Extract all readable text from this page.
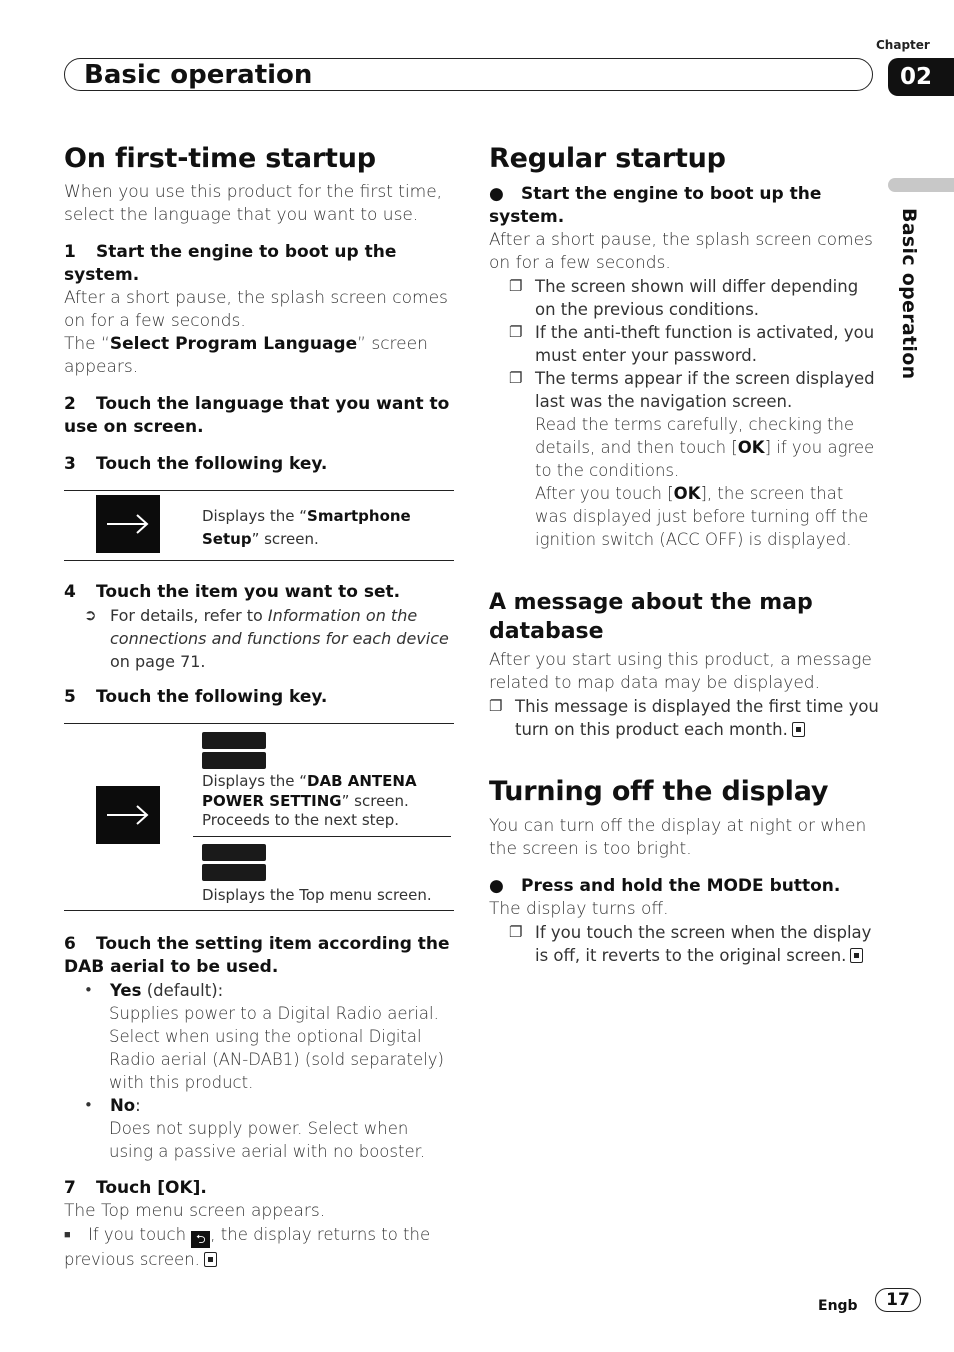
Chapter
Basic operation	02
Basic operation
On first-time startup

When you use this product for the first time, select the language that you want to use.

1 Start the engine to boot up the system.

After a short pause, the splash screen comes on for a few seconds.

The “Select Program Language” screen appears.

2 Touch the language that you want to use on screen.

3 Touch the following key.

Displays the “Smartphone Setup” screen.

4 Touch the item you want to set.

➲ For details, refer to Information on the connections and functions for each device on page 71.

5 Touch the following key.

Displays the “DAB ANTENA POWER SETTING” screen.
Proceeds to the next step.
Displays the Top menu screen.

6 Touch the setting item according the DAB aerial to be used.

•	Yes (default):
Supplies power to a Digital Radio aerial. Select when using the optional Digital Radio aerial (AN-DAB1) (sold separately) with this product.
•	No:
Does not supply power. Select when using a passive aerial with no booster.

7 Touch [OK].

The Top menu screen appears.

■ If you touch ⮌ , the display returns to the previous screen.
Regular startup

● Start the engine to boot up the system.

After a short pause, the splash screen comes on for a few seconds.

❐ The screen shown will differ depending on the previous conditions.
❐ If the anti-theft function is activated, you must enter your password.
❐ The terms appear if the screen displayed last was the navigation screen.
Read the terms carefully, checking the details, and then touch [OK] if you agree to the conditions.
After you touch [OK], the screen that was displayed just before turning off the ignition switch (ACC OFF) is displayed.
A message about the map database

After you start using this product, a message related to map data may be displayed.

❐ This message is displayed the first time you turn on this product each month.
Turning off the display

You can turn off the display at night or when the screen is too bright.

● Press and hold the MODE button.

The display turns off.

❐ If you touch the screen when the display is off, it reverts to the original screen.
Engb	17
